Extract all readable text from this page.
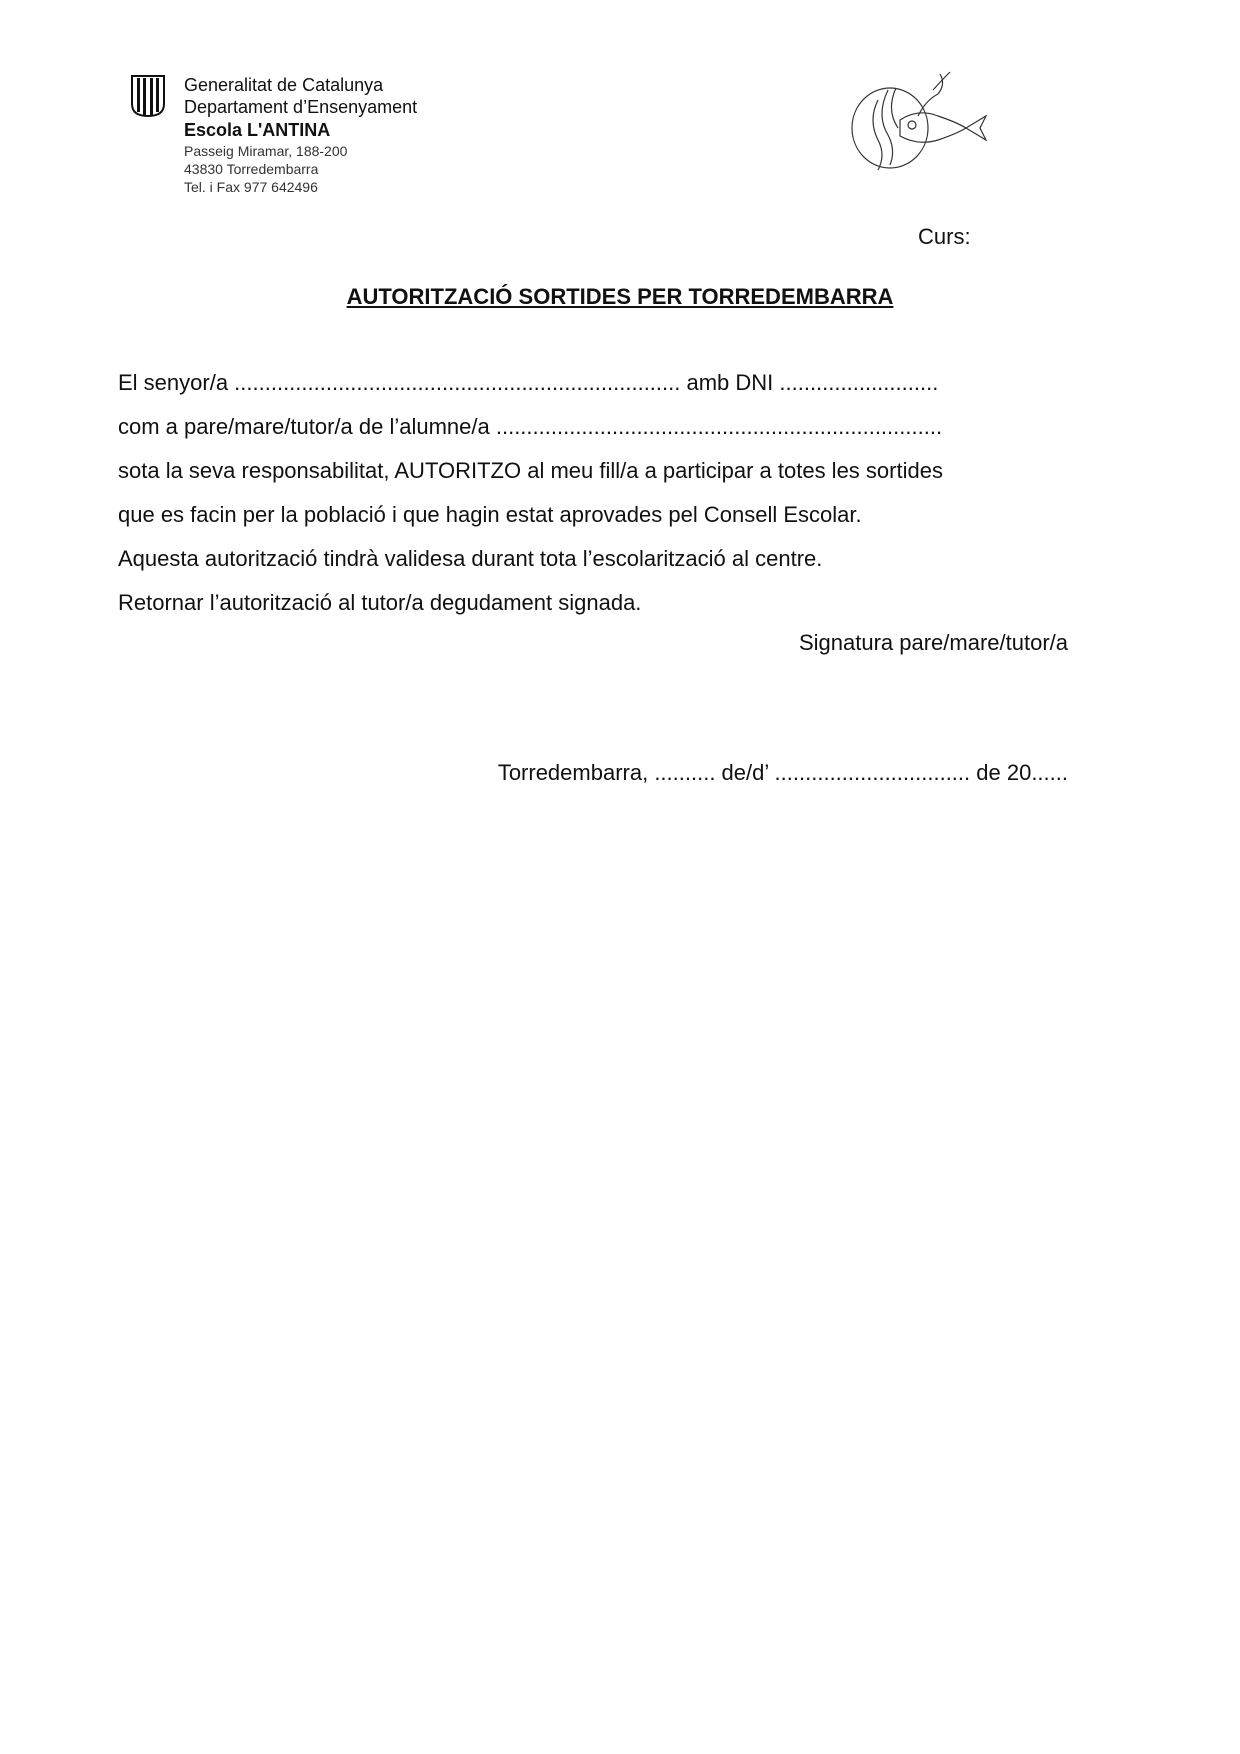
Generalitat de Catalunya
Departament d’Ensenyament
Escola L'ANTINA
Passeig Miramar, 188-200
43830 Torredembarra
Tel. i Fax 977 642496
Curs:
AUTORITZACIÓ SORTIDES PER TORREDEMBARRA
El senyor/a ......................................................................... amb DNI ..........................
com a pare/mare/tutor/a de l’alumne/a .........................................................................
sota la seva responsabilitat, AUTORITZO al meu fill/a a participar a totes les sortides
que es facin per la població i que hagin estat aprovades pel Consell Escolar.
Aquesta autorització tindrà validesa durant tota l’escolarització al centre.
Retornar l’autorització al tutor/a degudament signada.
Signatura pare/mare/tutor/a
Torredembarra, .......... de/d’ ................................ de 20......
